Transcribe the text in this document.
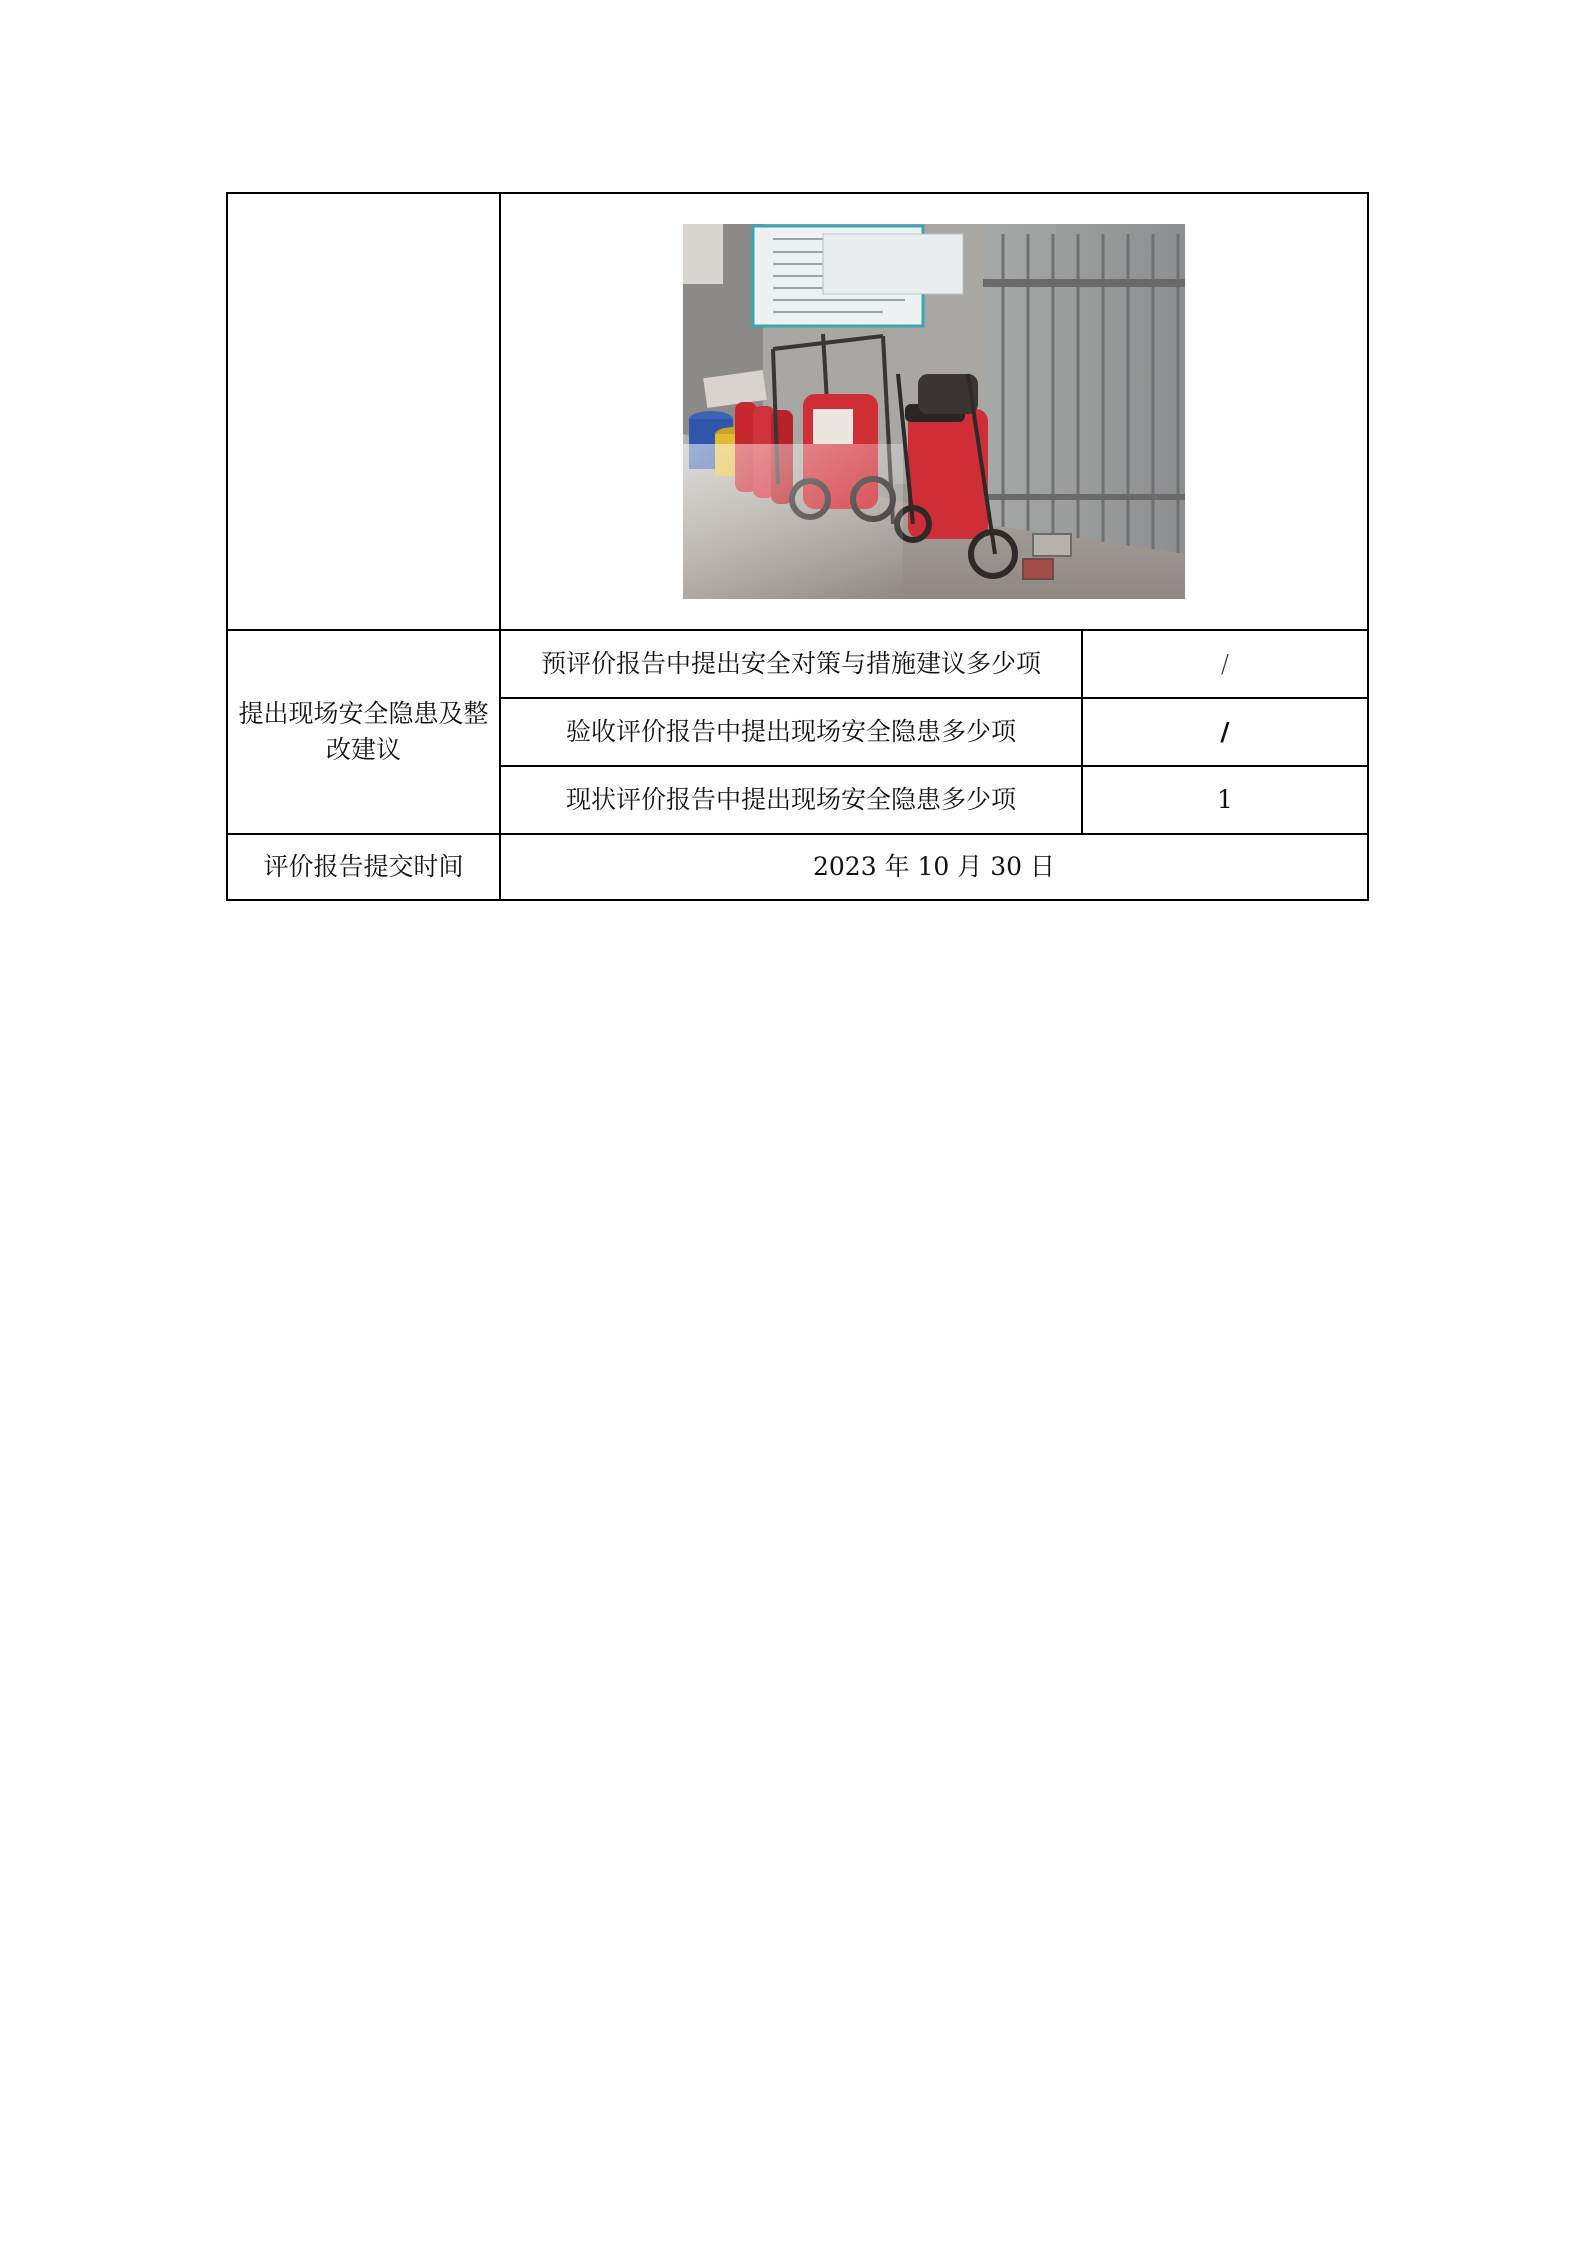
提出现场安全隐患及整改建议	预评价报告中提出安全对策与措施建议多少项	/
	验收评价报告中提出现场安全隐患多少项	/
	现状评价报告中提出现场安全隐患多少项	1
评价报告提交时间	2023 年 10 月 30 日	
